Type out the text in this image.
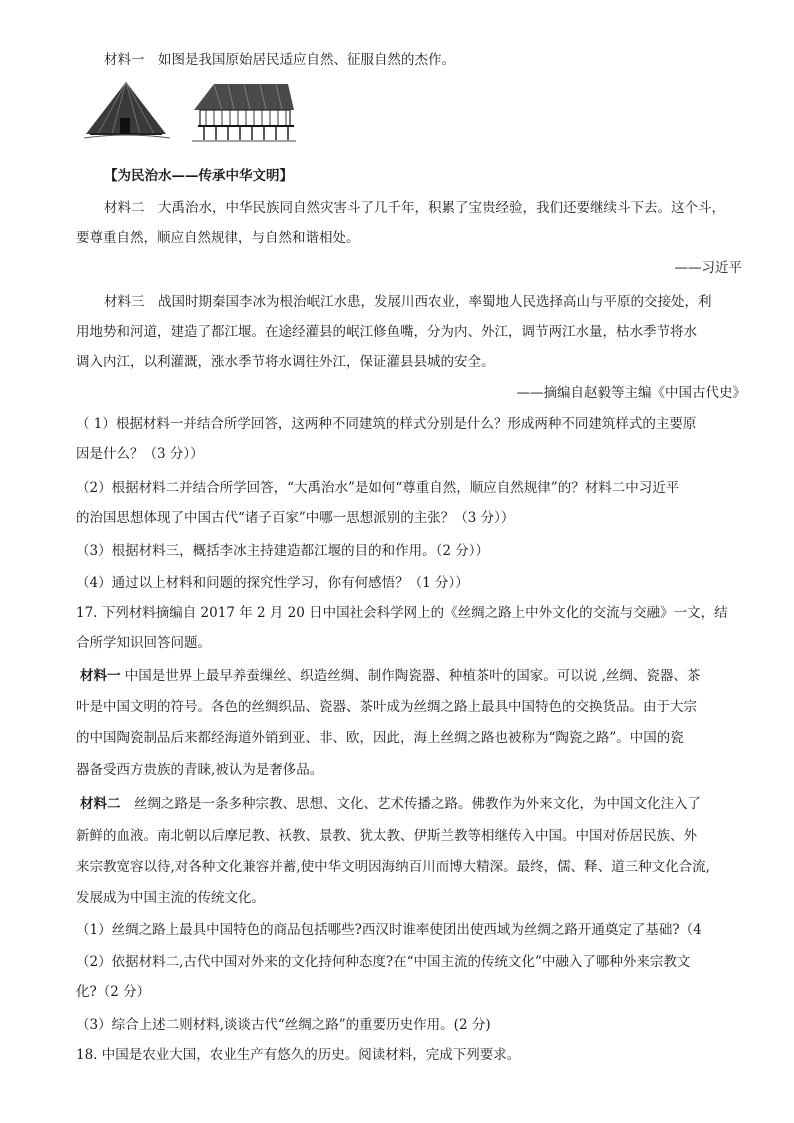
材料一　如图是我国原始居民适应自然、征服自然的杰作。
【为民治水——传承中华文明】
材料二　大禹治水，中华民族同自然灾害斗了几千年，积累了宝贵经验，我们还要继续斗下去。这个斗，
要尊重自然，顺应自然规律，与自然和谐相处。
——习近平
材料三　战国时期秦国李冰为根治岷江水患，发展川西农业，率蜀地人民选择高山与平原的交接处，利
用地势和河道，建造了都江堰。在途经灌县的岷江修鱼嘴，分为内、外江，调节两江水量，枯水季节将水
调入内江，以利灌溉，涨水季节将水调往外江，保证灌县县城的安全。
——摘编自赵毅等主编《中国古代史》
（ 1）根据材料一并结合所学回答，这两种不同建筑的样式分别是什么？形成两种不同建筑样式的主要原
因是什么？（3 分））
（2）根据材料二并结合所学回答，“大禹治水”是如何“尊重自然，顺应自然规律”的？材料二中习近平
的治国思想体现了中国古代“诸子百家”中哪一思想派别的主张？（3 分））
（3）根据材料三，概括李冰主持建造都江堰的目的和作用。（2 分））
（4）通过以上材料和问题的探究性学习，你有何感悟？（1 分））
17. 下列材料摘编自 2017 年 2 月 20 日中国社会科学网上的《丝绸之路上中外文化的交流与交融》一文，结
合所学知识回答问题。
材料一 中国是世界上最早养蚕缫丝、织造丝绸、制作陶瓷器、种植茶叶的国家。可以说 ,丝绸、瓷器、茶
叶是中国文明的符号。各色的丝绸织品、瓷器、茶叶成为丝绸之路上最具中国特色的交换货品。由于大宗
的中国陶瓷制品后来都经海道外销到亚、非、欧，因此，海上丝绸之路也被称为“陶瓷之路”。中国的瓷
器备受西方贵族的青睐,被认为是奢侈品。
材料二　丝绸之路是一条多种宗教、思想、文化、艺术传播之路。佛教作为外来文化，为中国文化注入了
新鲜的血液。南北朝以后摩尼教、袄教、景教、犹太教、伊斯兰教等相继传入中国。中国对侨居民族、外
来宗教宽容以待,对各种文化兼容并蓄,使中华文明因海纳百川而博大精深。最终，儒、释、道三种文化合流,
发展成为中国主流的传统文化。
（1）丝绸之路上最具中国特色的商品包括哪些?西汉时谁率使团出使西域为丝绸之路开通奠定了基础?（4
（2）依据材料二,古代中国对外来的文化持何种态度?在“中国主流的传统文化”中融入了哪种外来宗教文
化?（2 分）
（3）综合上述二则材料,谈谈古代“丝绸之路”的重要历史作用。(2 分)
18. 中国是农业大国，农业生产有悠久的历史。阅读材料，完成下列要求。
